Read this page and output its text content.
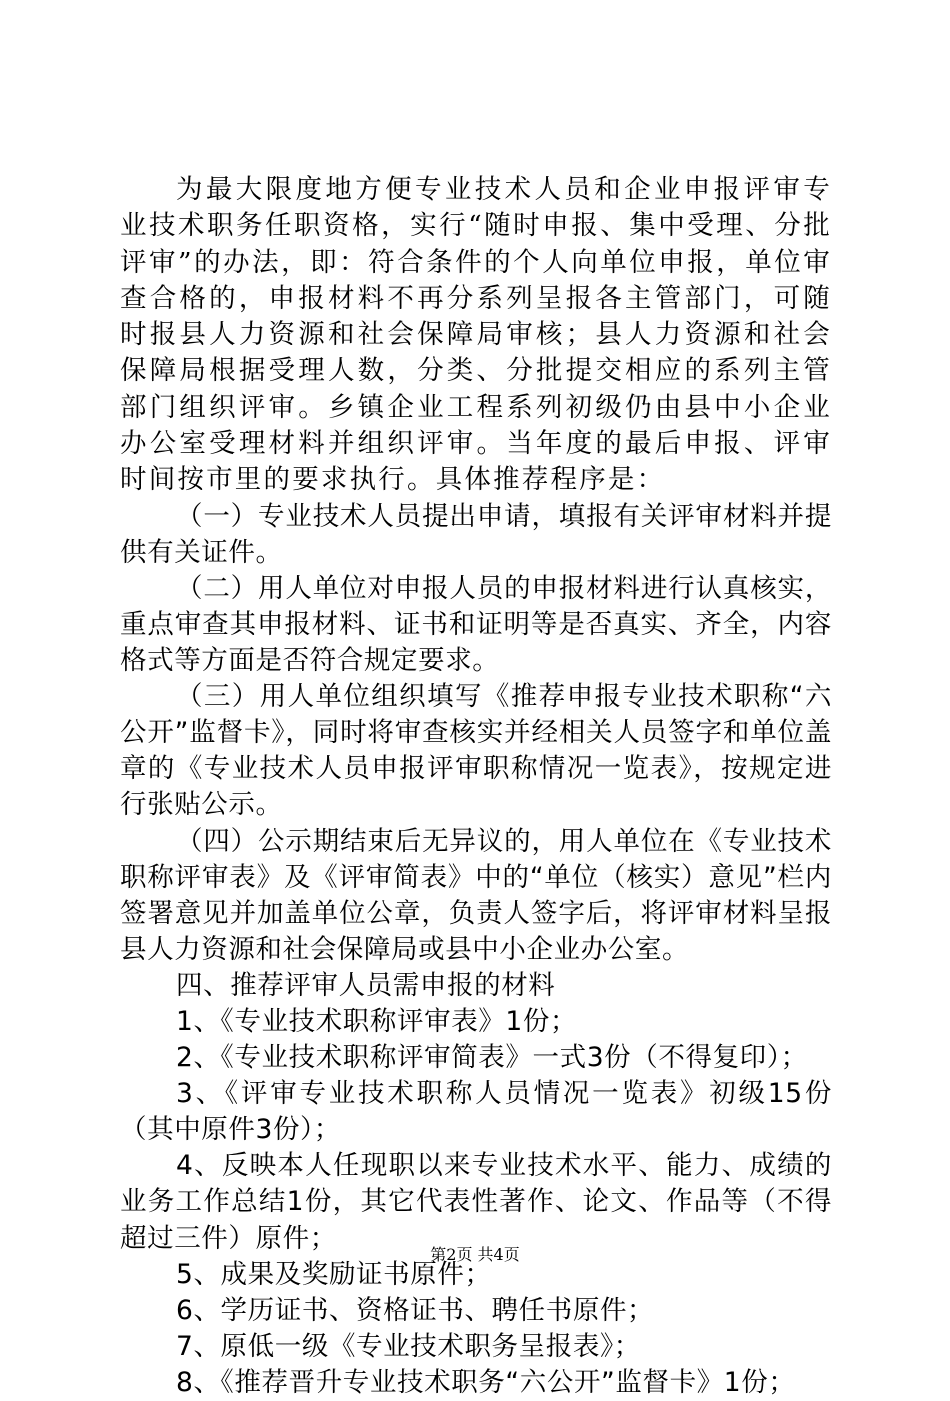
为最大限度地方便专业技术人员和企业申报评审专业技术职务任职资格，实行“随时申报、集中受理、分批评审”的办法，即：符合条件的个人向单位申报，单位审查合格的，申报材料不再分系列呈报各主管部门，可随时报县人力资源和社会保障局审核；县人力资源和社会保障局根据受理人数，分类、分批提交相应的系列主管部门组织评审。乡镇企业工程系列初级仍由县中小企业办公室受理材料并组织评审。当年度的最后申报、评审时间按市里的要求执行。具体推荐程序是：

（一）专业技术人员提出申请，填报有关评审材料并提供有关证件。

（二）用人单位对申报人员的申报材料进行认真核实，重点审查其申报材料、证书和证明等是否真实、齐全，内容格式等方面是否符合规定要求。

（三）用人单位组织填写《推荐申报专业技术职称“六公开”监督卡》，同时将审查核实并经相关人员签字和单位盖章的《专业技术人员申报评审职称情况一览表》，按规定进行张贴公示。

（四）公示期结束后无异议的，用人单位在《专业技术职称评审表》及《评审简表》中的“单位（核实）意见”栏内签署意见并加盖单位公章，负责人签字后，将评审材料呈报县人力资源和社会保障局或县中小企业办公室。

四、推荐评审人员需申报的材料

1、《专业技术职称评审表》1份；

2、《专业技术职称评审简表》一式3份（不得复印）；

3、《评审专业技术职称人员情况一览表》初级15份（其中原件3份）；

4、反映本人任现职以来专业技术水平、能力、成绩的业务工作总结1份，其它代表性著作、论文、作品等（不得超过三件）原件；

5、成果及奖励证书原件；

6、学历证书、资格证书、聘任书原件；

7、原低一级《专业技术职务呈报表》；

8、《推荐晋升专业技术职务“六公开”监督卡》1份；

第2页 共4页
